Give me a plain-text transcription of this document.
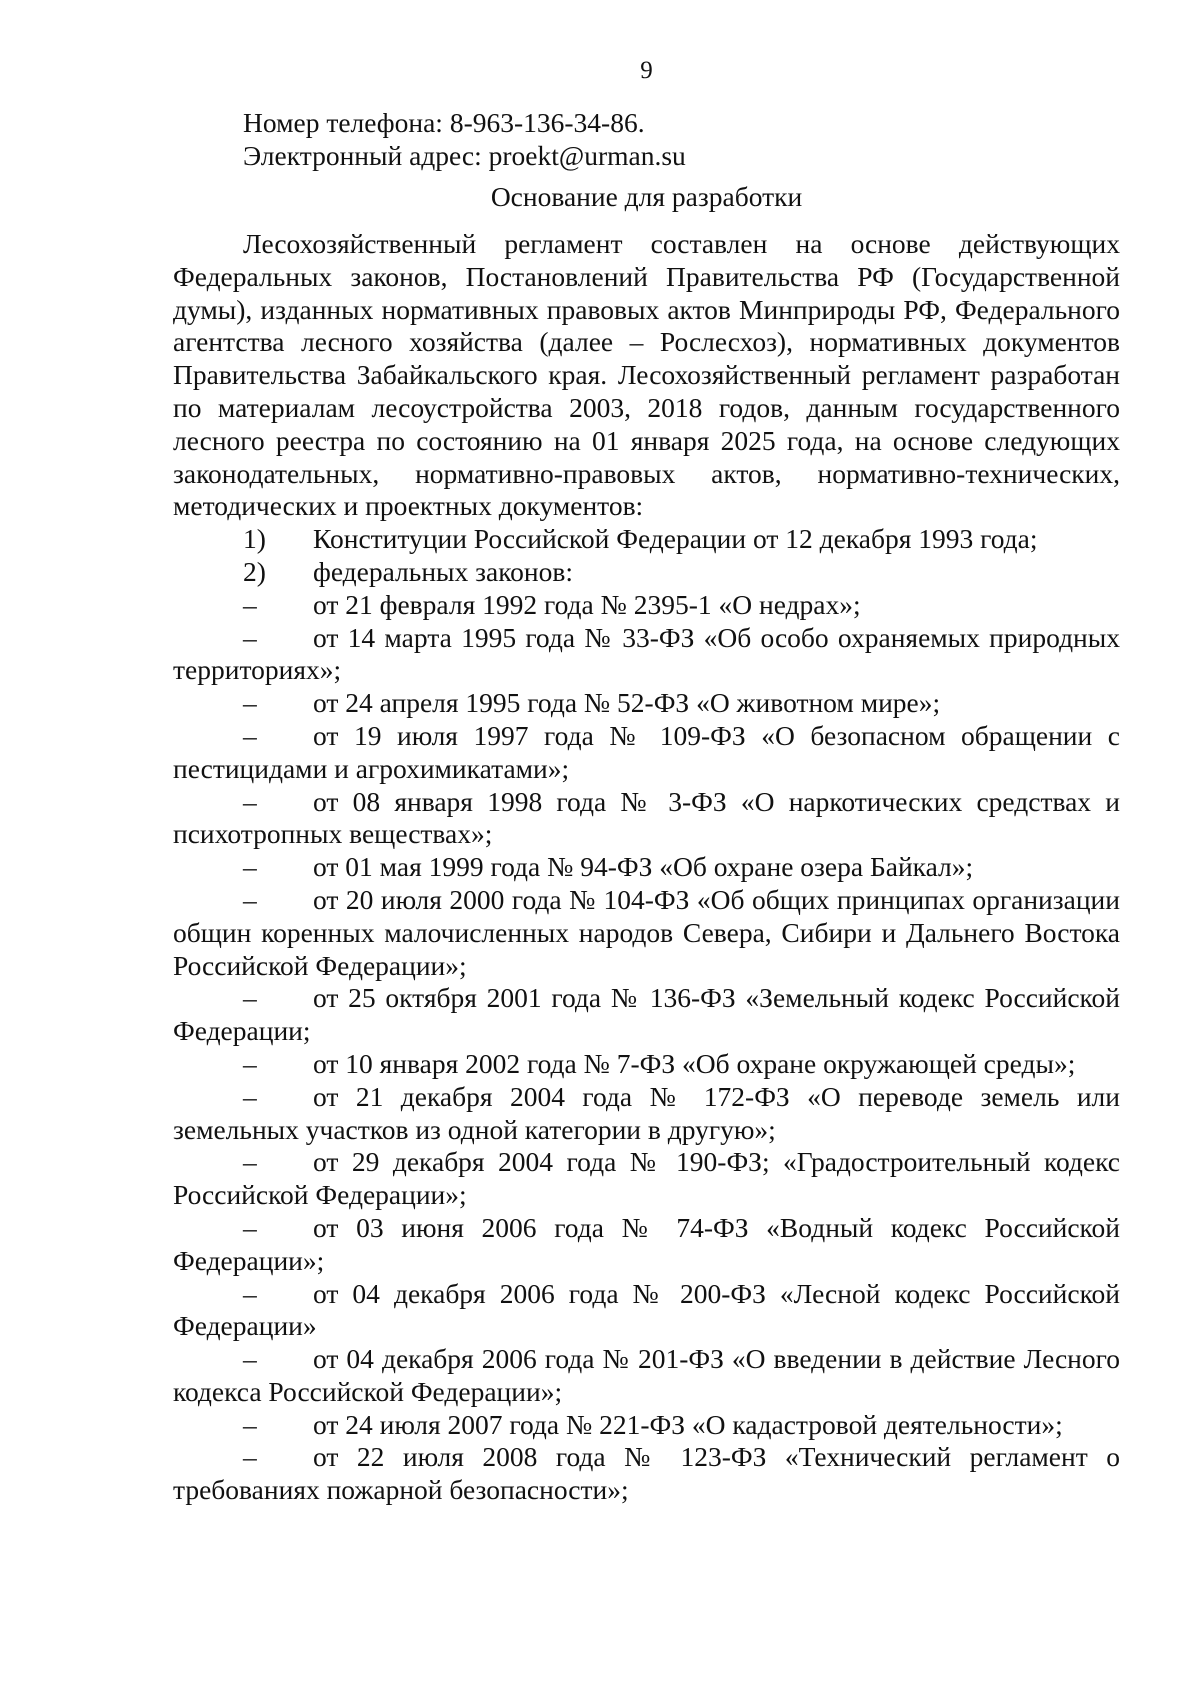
9

Номер телефона: 8-963-136-34-86.

Электронный адрес: proekt@urman.su

Основание для разработки

Лесохозяйственный регламент составлен на основе действующих Федеральных законов, Постановлений Правительства РФ (Государственной думы), изданных нормативных правовых актов Минприроды РФ, Федерального агентства лесного хозяйства (далее – Рослесхоз), нормативных документов Правительства Забайкальского края. Лесохозяйственный регламент разработан по материалам лесоустройства 2003, 2018 годов, данным государственного лесного реестра по состоянию на 01 января 2025 года, на основе следующих законодательных, нормативно-правовых актов, нормативно-технических, методических и проектных документов:

1) Конституции Российской Федерации от 12 декабря 1993 года;

2) федеральных законов:

– от 21 февраля 1992 года № 2395-1 «О недрах»;

– от 14 марта 1995 года № 33-ФЗ «Об особо охраняемых природных территориях»;

– от 24 апреля 1995 года № 52-ФЗ «О животном мире»;

– от 19 июля 1997 года № 109-ФЗ «О безопасном обращении с пестицидами и агрохимикатами»;

– от 08 января 1998 года № 3-ФЗ «О наркотических средствах и психотропных веществах»;

– от 01 мая 1999 года № 94-ФЗ «Об охране озера Байкал»;

– от 20 июля 2000 года № 104-ФЗ «Об общих принципах организации общин коренных малочисленных народов Севера, Сибири и Дальнего Востока Российской Федерации»;

– от 25 октября 2001 года № 136-ФЗ «Земельный кодекс Российской Федерации;

– от 10 января 2002 года № 7-ФЗ «Об охране окружающей среды»;

– от 21 декабря 2004 года № 172-ФЗ «О переводе земель или земельных участков из одной категории в другую»;

– от 29 декабря 2004 года № 190-ФЗ; «Градостроительный кодекс Российской Федерации»;

– от 03 июня 2006 года № 74-ФЗ «Водный кодекс Российской Федерации»;

– от 04 декабря 2006 года № 200-ФЗ «Лесной кодекс Российской Федерации»

– от 04 декабря 2006 года № 201-ФЗ «О введении в действие Лесного кодекса Российской Федерации»;

– от 24 июля 2007 года № 221-ФЗ «О кадастровой деятельности»;

– от 22 июля 2008 года № 123-ФЗ «Технический регламент о требованиях пожарной безопасности»;
